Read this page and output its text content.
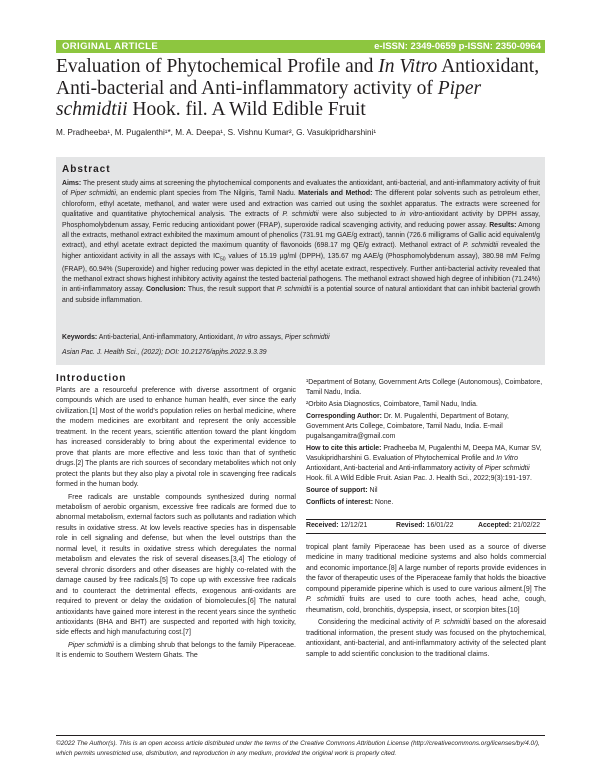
ORIGINAL ARTICLE	e-ISSN: 2349-0659 p-ISSN: 2350-0964
Evaluation of Phytochemical Profile and In Vitro Antioxidant, Anti-bacterial and Anti-inflammatory activity of Piper schmidtii Hook. fil. A Wild Edible Fruit
M. Pradheeba¹, M. Pugalenthi¹*, M. A. Deepa¹, S. Vishnu Kumar², G. Vasukipridharshini¹
Abstract
Aims: The present study aims at screening the phytochemical components and evaluates the antioxidant, anti-bacterial, and anti-inflammatory activity of fruit of Piper schmidtii, an endemic plant species from The Nilgiris, Tamil Nadu. Materials and Method: The different polar solvents such as petroleum ether, chloroform, ethyl acetate, methanol, and water were used and extraction was carried out using the soxhlet apparatus. The extracts were screened for qualitative and quantitative phytochemical analysis. The extracts of P. schmidtii were also subjected to in vitro-antioxidant activity by DPPH assay, Phosphomolybdenum assay, Ferric reducing antioxidant power (FRAP), superoxide radical scavenging activity, and reducing power assay. Results: Among all the extracts, methanol extract exhibited the maximum amount of phenolics (731.91 mg GAE/g extract), tannin (726.6 milligrams of Gallic acid equivalent/g extract), and ethyl acetate extract depicted the maximum quantity of flavonoids (698.17 mg QE/g extract). Methanol extract of P. schmidtii revealed the higher antioxidant activity in all the assays with $IC_{50}$ values of 15.19 µg/ml (DPPH), 135.67 mg AAE/g (Phosphomolybdenum assay), 380.98 mM Fe/mg (FRAP), 60.94% (Superoxide) and higher reducing power was depicted in the ethyl acetate extract, respectively. Further anti-bacterial activity revealed that the methanol extract shows highest inhibitory activity against the tested bacterial pathogens. The methanol extract showed high degree of inhibition (71.24%) in anti-inflammatory assay. Conclusion: Thus, the result support that P. schmidtii is a potential source of natural antioxidant that can inhibit bacterial growth and subside inflammation.
Keywords: Anti-bacterial, Anti-inflammatory, Antioxidant, In vitro assays, Piper schmidtii
Asian Pac. J. Health Sci., (2022); DOI: 10.21276/apjhs.2022.9.3.39
Introduction

Plants are a resourceful preference with diverse assortment of organic compounds which are used to enhance human health, ever since the early civilization.[1] Most of the world's population relies on herbal medicine, where the modern medicines are exorbitant and represent the only accessible treatment. In the recent years, scientific attention toward the plant kingdom has increased considerably to bring about the experimental evidence to prove that plants are more effective and less toxic than that of synthetic drugs.[2] The plants are rich sources of secondary metabolites which not only protect the plants but they also play a pivotal role in scavenging free radicals formed in the human body.

Free radicals are unstable compounds synthesized during normal metabolism of aerobic organism, excessive free radicals are formed due to abnormal metabolism, external factors such as pollutants and radiation which results in oxidative stress. At low levels reactive species has in dispensable role in cell signaling and defense, but when the level outstrips than the normal level, it results in oxidative stress which deregulates the normal metabolism and elevates the risk of several diseases.[3,4] The etiology of several chronic disorders and other diseases are highly co-related with the damage caused by free radicals.[5] To cope up with excessive free radicals and to counteract the detrimental effects, exogenous anti-oxidants are required to prevent or delay the oxidation of biomolecules.[6] The natural antioxidants have gained more interest in the recent years since the synthetic antioxidants (BHA and BHT) are suspected and reported with high toxicity, side effects and high manufacturing cost.[7]

Piper schmidtii is a climbing shrub that belongs to the family Piperaceae. It is endemic to Southern Western Ghats. The

¹Department of Botany, Government Arts College (Autonomous), Coimbatore, Tamil Nadu, India.

²Orbito Asia Diagnostics, Coimbatore, Tamil Nadu, India.

Corresponding Author: Dr. M. Pugalenthi, Department of Botany, Government Arts College, Coimbatore, Tamil Nadu, India. E-mail pugalsangamitra@gmail.com

How to cite this article: Pradheeba M, Pugalenthi M, Deepa MA, Kumar SV, Vasukipridharshini G. Evaluation of Phytochemical Profile and In Vitro Antioxidant, Anti-bacterial and Anti-inflammatory activity of Piper schmidtii Hook. fil. A Wild Edible Fruit. Asian Pac. J. Health Sci., 2022;9(3):191-197.

Source of support: Nil

Conflicts of interest: None.

Received: 12/12/21	Revised: 16/01/22	Accepted: 21/02/22

tropical plant family Piperaceae has been used as a source of diverse medicine in many traditional medicine systems and also holds commercial and economic importance.[8] A large number of reports provide evidences in the favor of therapeutic uses of the Piperaceae family that holds the bioactive compound piperamide piperine which is used to cure various ailment.[9] The P. schmidtii fruits are used to cure tooth aches, head ache, cough, rheumatism, cold, bronchitis, dyspepsia, insect, or scorpion bites.[10]

Considering the medicinal activity of P. schmidtii based on the aforesaid traditional information, the present study was focused on the phytochemical, antioxidant, anti-bacterial, and anti-inflammatory activity of the selected plant sample to add scientific conclusion to the traditional claims.

©2022 The Author(s). This is an open access article distributed under the terms of the Creative Commons Attribution License (http://creativecommons.org/licenses/by/4.0/), which permits unrestricted use, distribution, and reproduction in any medium, provided the original work is properly cited.
